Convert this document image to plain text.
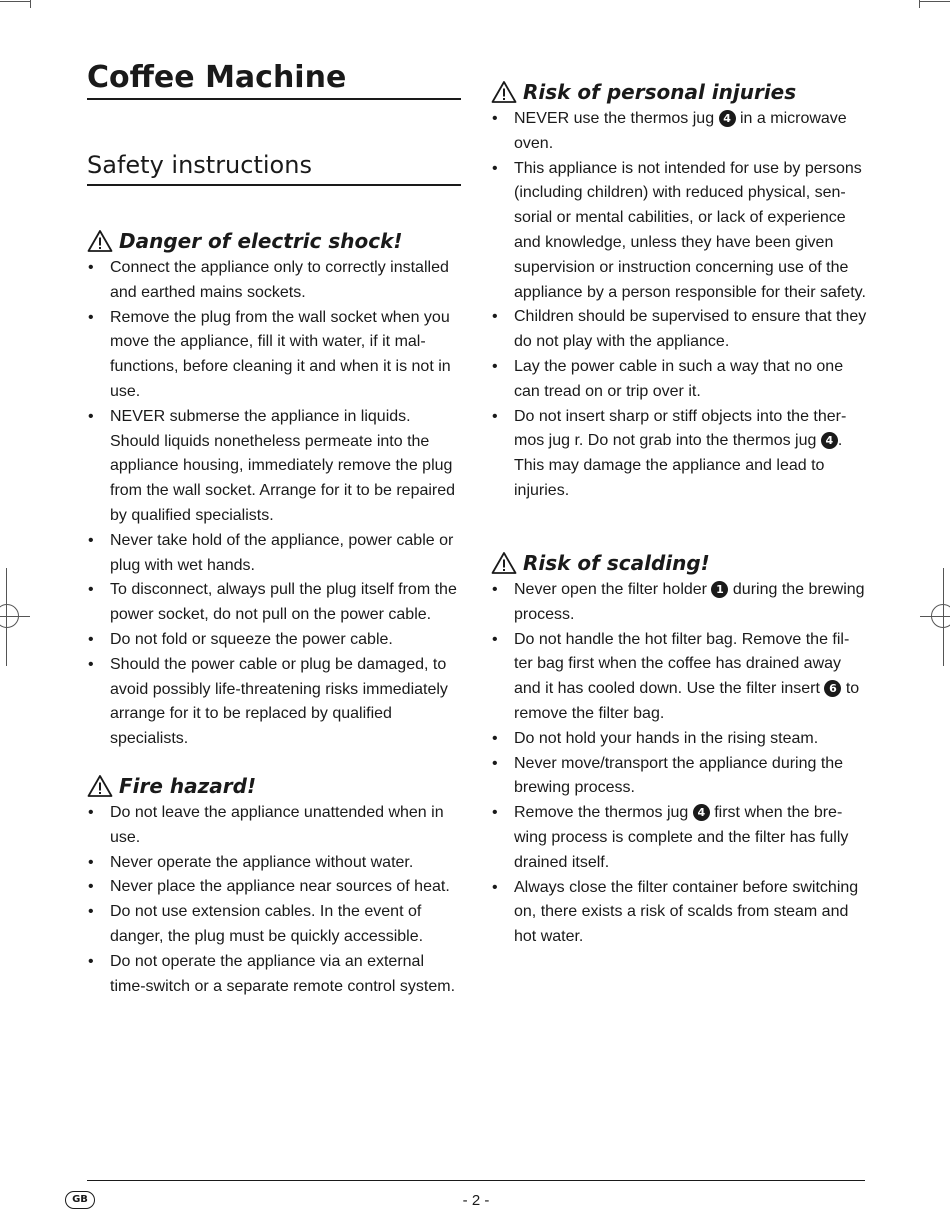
Coffee Machine
Safety instructions
Danger of electric shock!
• Connect the appliance only to correctly installed and earthed mains sockets.
• Remove the plug from the wall socket when you move the appliance, fill it with water, if it mal-functions, before cleaning it and when it is not in use.
• NEVER submerse the appliance in liquids. Should liquids nonetheless permeate into the appliance housing, immediately remove the plug from the wall socket. Arrange for it to be repaired by qualified specialists.
• Never take hold of the appliance, power cable or plug with wet hands.
• To disconnect, always pull the plug itself from the power socket, do not pull on the power cable.
• Do not fold or squeeze the power cable.
• Should the power cable or plug be damaged, to avoid possibly life-threatening risks immediately arrange for it to be replaced by qualified specialists.
Fire hazard!
• Do not leave the appliance unattended when in use.
• Never operate the appliance without water.
• Never place the appliance near sources of heat.
• Do not use extension cables. In the event of danger, the plug must be quickly accessible.
• Do not operate the appliance via an external time-switch or a separate remote control system.
Risk of personal injuries
• NEVER use the thermos jug 4 in a microwave oven.
• This appliance is not intended for use by persons (including children) with reduced physical, sen-sorial or mental cabilities, or lack of experience and knowledge, unless they have been given supervision or instruction concerning use of the appliance by a person responsible for their safety.
• Children should be supervised to ensure that they do not play with the appliance.
• Lay the power cable in such a way that no one can tread on or trip over it.
• Do not insert sharp or stiff objects into the ther-mos jug r. Do not grab into the thermos jug 4 . This may damage the appliance and lead to injuries.
Risk of scalding!
• Never open the filter holder 1 during the brewing process.
• Do not handle the hot filter bag. Remove the fil-ter bag first when the coffee has drained away and it has cooled down. Use the filter insert 6 to remove the filter bag.
• Do not hold your hands in the rising steam.
• Never move/transport the appliance during the brewing process.
• Remove the thermos jug 4 first when the bre-wing process is complete and the filter has fully drained itself.
• Always close the filter container before switching on, there exists a risk of scalds from steam and hot water.
GB	- 2 -
